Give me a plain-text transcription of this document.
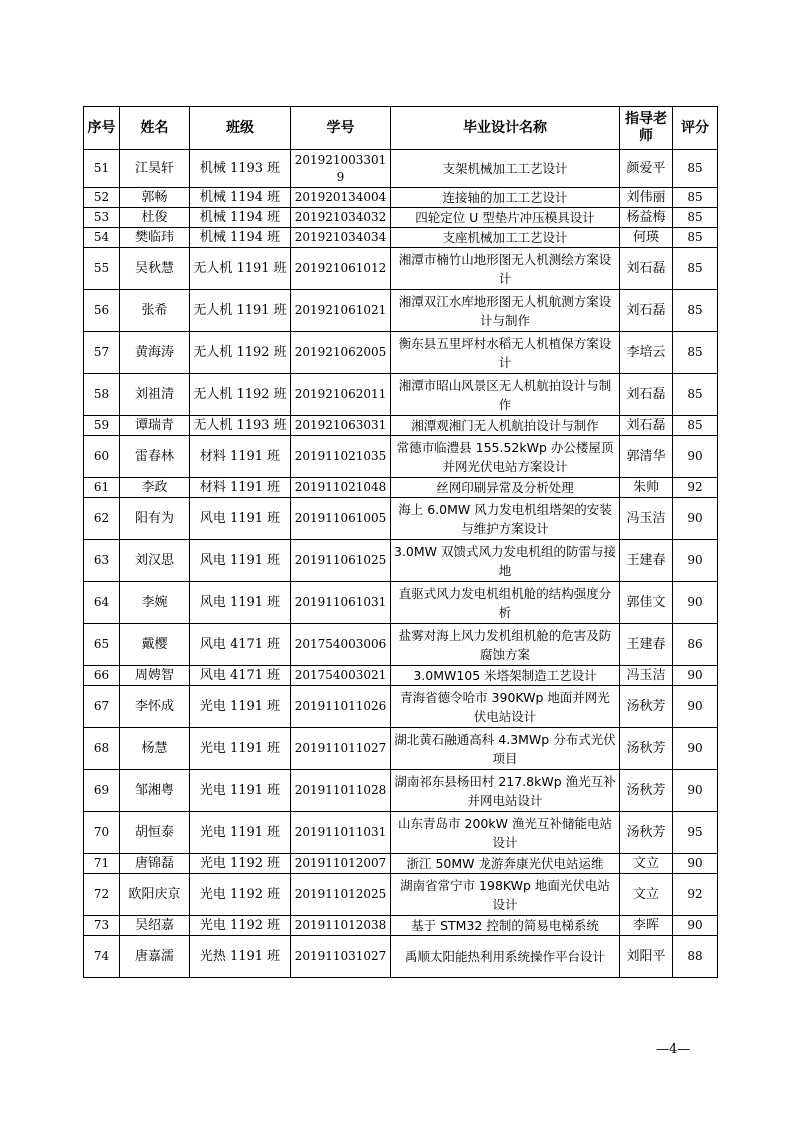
序号	姓名	班级	学号	毕业设计名称	指导老师	评分
51	江昊轩	机械 1193 班	2019210033019	支架机械加工工艺设计	颜爱平	85
52	郭畅	机械 1194 班	201920134004	连接轴的加工工艺设计	刘伟丽	85
53	杜俊	机械 1194 班	201921034032	四轮定位 U 型垫片冲压模具设计	杨益梅	85
54	樊临玮	机械 1194 班	201921034034	支座机械加工工艺设计	何瑛	85
55	吴秋慧	无人机 1191 班	201921061012	湘潭市楠竹山地形图无人机测绘方案设计	刘石磊	85
56	张希	无人机 1191 班	201921061021	湘潭双江水库地形图无人机航测方案设计与制作	刘石磊	85
57	黄海涛	无人机 1192 班	201921062005	衡东县五里坪村水稻无人机植保方案设计	李培云	85
58	刘祖清	无人机 1192 班	201921062011	湘潭市昭山风景区无人机航拍设计与制作	刘石磊	85
59	谭瑞青	无人机 1193 班	201921063031	湘潭观湘门无人机航拍设计与制作	刘石磊	85
60	雷春林	材料 1191 班	201911021035	常德市临澧县 155.52kWp 办公楼屋顶并网光伏电站方案设计	郭清华	90
61	李政	材料 1191 班	201911021048	丝网印刷异常及分析处理	朱帅	92
62	阳有为	风电 1191 班	201911061005	海上 6.0MW 风力发电机组塔架的安装与维护方案设计	冯玉洁	90
63	刘汉思	风电 1191 班	201911061025	3.0MW 双馈式风力发电机组的防雷与接地	王建春	90
64	李婉	风电 1191 班	201911061031	直驱式风力发电机组机舱的结构强度分析	郭佳文	90
65	戴樱	风电 4171 班	201754003006	盐雾对海上风力发机组机舱的危害及防腐蚀方案	王建春	86
66	周娉智	风电 4171 班	201754003021	3.0MW105 米塔架制造工艺设计	冯玉洁	90
67	李怀成	光电 1191 班	201911011026	青海省德令哈市 390KWp 地面并网光伏电站设计	汤秋芳	90
68	杨慧	光电 1191 班	201911011027	湖北黄石融通高科 4.3MWp 分布式光伏项目	汤秋芳	90
69	邹湘粤	光电 1191 班	201911011028	湖南祁东县杨田村 217.8kWp 渔光互补并网电站设计	汤秋芳	90
70	胡恒泰	光电 1191 班	201911011031	山东青岛市 200kW 渔光互补储能电站设计	汤秋芳	95
71	唐锦磊	光电 1192 班	201911012007	浙江 50MW 龙游奔康光伏电站运维	文立	90
72	欧阳庆京	光电 1192 班	201911012025	湖南省常宁市 198KWp 地面光伏电站设计	文立	92
73	吴绍嘉	光电 1192 班	201911012038	基于 STM32 控制的简易电梯系统	李晖	90
74	唐嘉濡	光热 1191 班	201911031027	禹顺太阳能热利用系统操作平台设计	刘阳平	88
—4—
